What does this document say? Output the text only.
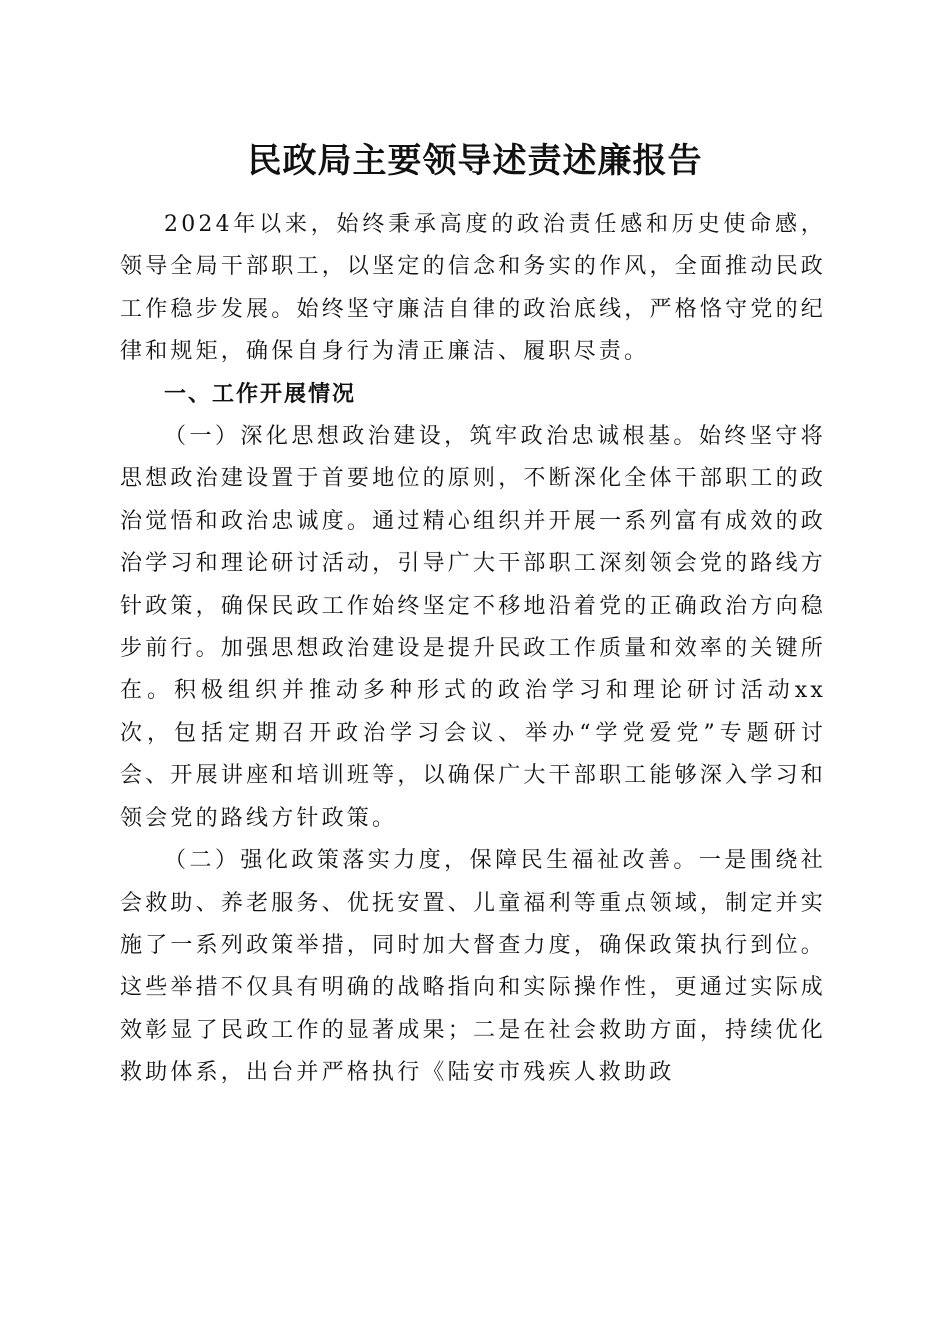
民政局主要领导述责述廉报告

2024年以来，始终秉承高度的政治责任感和历史使命感，领导全局干部职工，以坚定的信念和务实的作风，全面推动民政工作稳步发展。始终坚守廉洁自律的政治底线，严格恪守党的纪律和规矩，确保自身行为清正廉洁、履职尽责。

一、工作开展情况

（一）深化思想政治建设，筑牢政治忠诚根基。始终坚守将思想政治建设置于首要地位的原则，不断深化全体干部职工的政治觉悟和政治忠诚度。通过精心组织并开展一系列富有成效的政治学习和理论研讨活动，引导广大干部职工深刻领会党的路线方针政策，确保民政工作始终坚定不移地沿着党的正确政治方向稳步前行。加强思想政治建设是提升民政工作质量和效率的关键所在。积极组织并推动多种形式的政治学习和理论研讨活动xx次，包括定期召开政治学习会议、举办“学党爱党”专题研讨会、开展讲座和培训班等，以确保广大干部职工能够深入学习和领会党的路线方针政策。

（二）强化政策落实力度，保障民生福祉改善。一是围绕社会救助、养老服务、优抚安置、儿童福利等重点领域，制定并实施了一系列政策举措，同时加大督查力度，确保政策执行到位。这些举措不仅具有明确的战略指向和实际操作性，更通过实际成效彰显了民政工作的显著成果；二是在社会救助方面，持续优化救助体系，出台并严格执行《陆安市残疾人救助政
